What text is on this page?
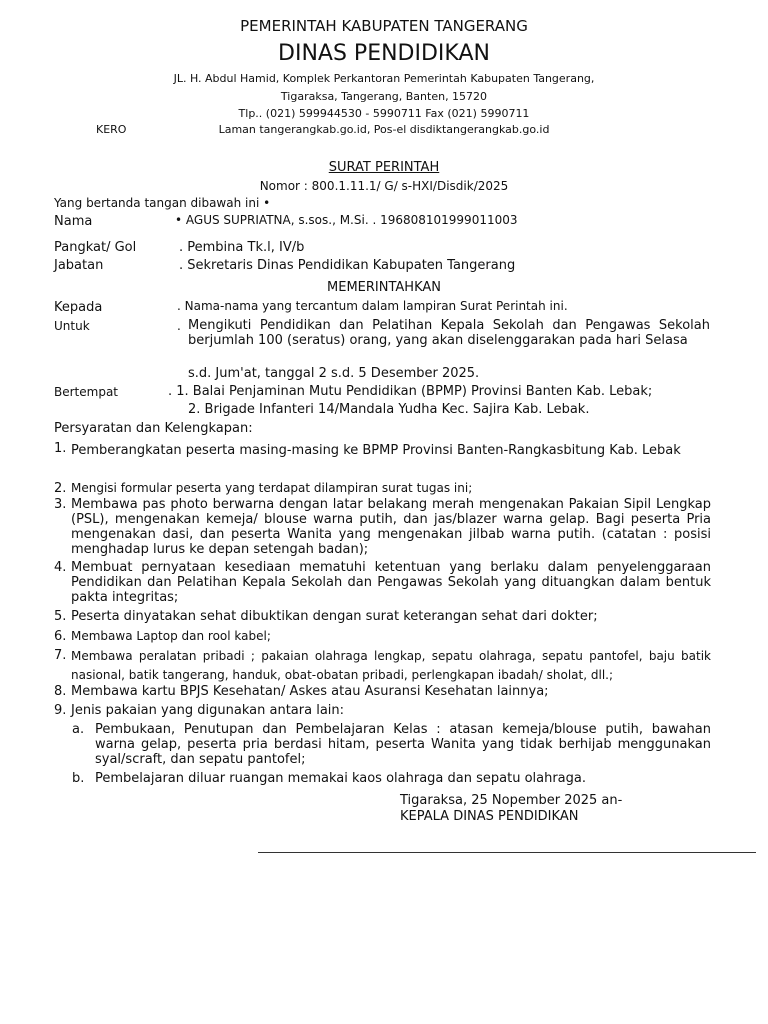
PEMERINTAH KABUPATEN TANGERANG
DINAS PENDIDIKAN
JL. H. Abdul Hamid, Komplek Perkantoran Pemerintah Kabupaten Tangerang,
Tigaraksa, Tangerang, Banten, 15720
Tlp.. (021) 599944530 - 5990711 Fax (021) 5990711
KERO	Laman tangerangkab.go.id, Pos-el disdiktangerangkab.go.id
SURAT PERINTAH
Nomor : 800.1.11.1/ G/ s-HXI/Disdik/2025
Yang bertanda tangan dibawah ini •
Nama	• AGUS SUPRIATNA, s.sos., M.Si. . 196808101999011003
Pangkat/ Gol	. Pembina Tk.l, IV/b
Jabatan	. Sekretaris Dinas Pendidikan Kabupaten Tangerang
MEMERINTAHKAN
Kepada	. Nama-nama yang tercantum dalam lampiran Surat Perintah ini.
Untuk	. Mengikuti Pendidikan dan Pelatihan Kepala Sekolah dan Pengawas Sekolah berjumlah 100 (seratus) orang, yang akan diselenggarakan pada hari Selasa
s.d. Jum'at, tanggal 2 s.d. 5 Desember 2025.
Bertempat	. 1. Balai Penjaminan Mutu Pendidikan (BPMP) Provinsi Banten Kab. Lebak;
2. Brigade Infanteri 14/Mandala Yudha Kec. Sajira Kab. Lebak.
Persyaratan dan Kelengkapan:
1. Pemberangkatan peserta masing-masing ke BPMP Provinsi Banten-Rangkasbitung Kab. Lebak
2. Mengisi formular peserta yang terdapat dilampiran surat tugas ini;
3. Membawa pas photo berwarna dengan latar belakang merah mengenakan Pakaian Sipil Lengkap (PSL), mengenakan kemeja/ blouse warna putih, dan jas/blazer warna gelap. Bagi peserta Pria mengenakan dasi, dan peserta Wanita yang mengenakan jilbab warna putih. (catatan : posisi menghadap lurus ke depan setengah badan);
4. Membuat pernyataan kesediaan mematuhi ketentuan yang berlaku dalam penyelenggaraan Pendidikan dan Pelatihan Kepala Sekolah dan Pengawas Sekolah yang dituangkan dalam bentuk pakta integritas;
5. Peserta dinyatakan sehat dibuktikan dengan surat keterangan sehat dari dokter;
6. Membawa Laptop dan rool kabel;
7. Membawa peralatan pribadi ; pakaian olahraga lengkap, sepatu olahraga, sepatu pantofel, baju batik nasional, batik tangerang, handuk, obat-obatan pribadi, perlengkapan ibadah/ sholat, dll.;
8. Membawa kartu BPJS Kesehatan/ Askes atau Asuransi Kesehatan lainnya;
9. Jenis pakaian yang digunakan antara lain:
a. Pembukaan, Penutupan dan Pembelajaran Kelas : atasan kemeja/blouse putih, bawahan warna gelap, peserta pria berdasi hitam, peserta Wanita yang tidak berhijab menggunakan syal/scraft, dan sepatu pantofel;
b. Pembelajaran diluar ruangan memakai kaos olahraga dan sepatu olahraga.
Tigaraksa, 25 Nopember 2025 an-
KEPALA DINAS PENDIDIKAN
